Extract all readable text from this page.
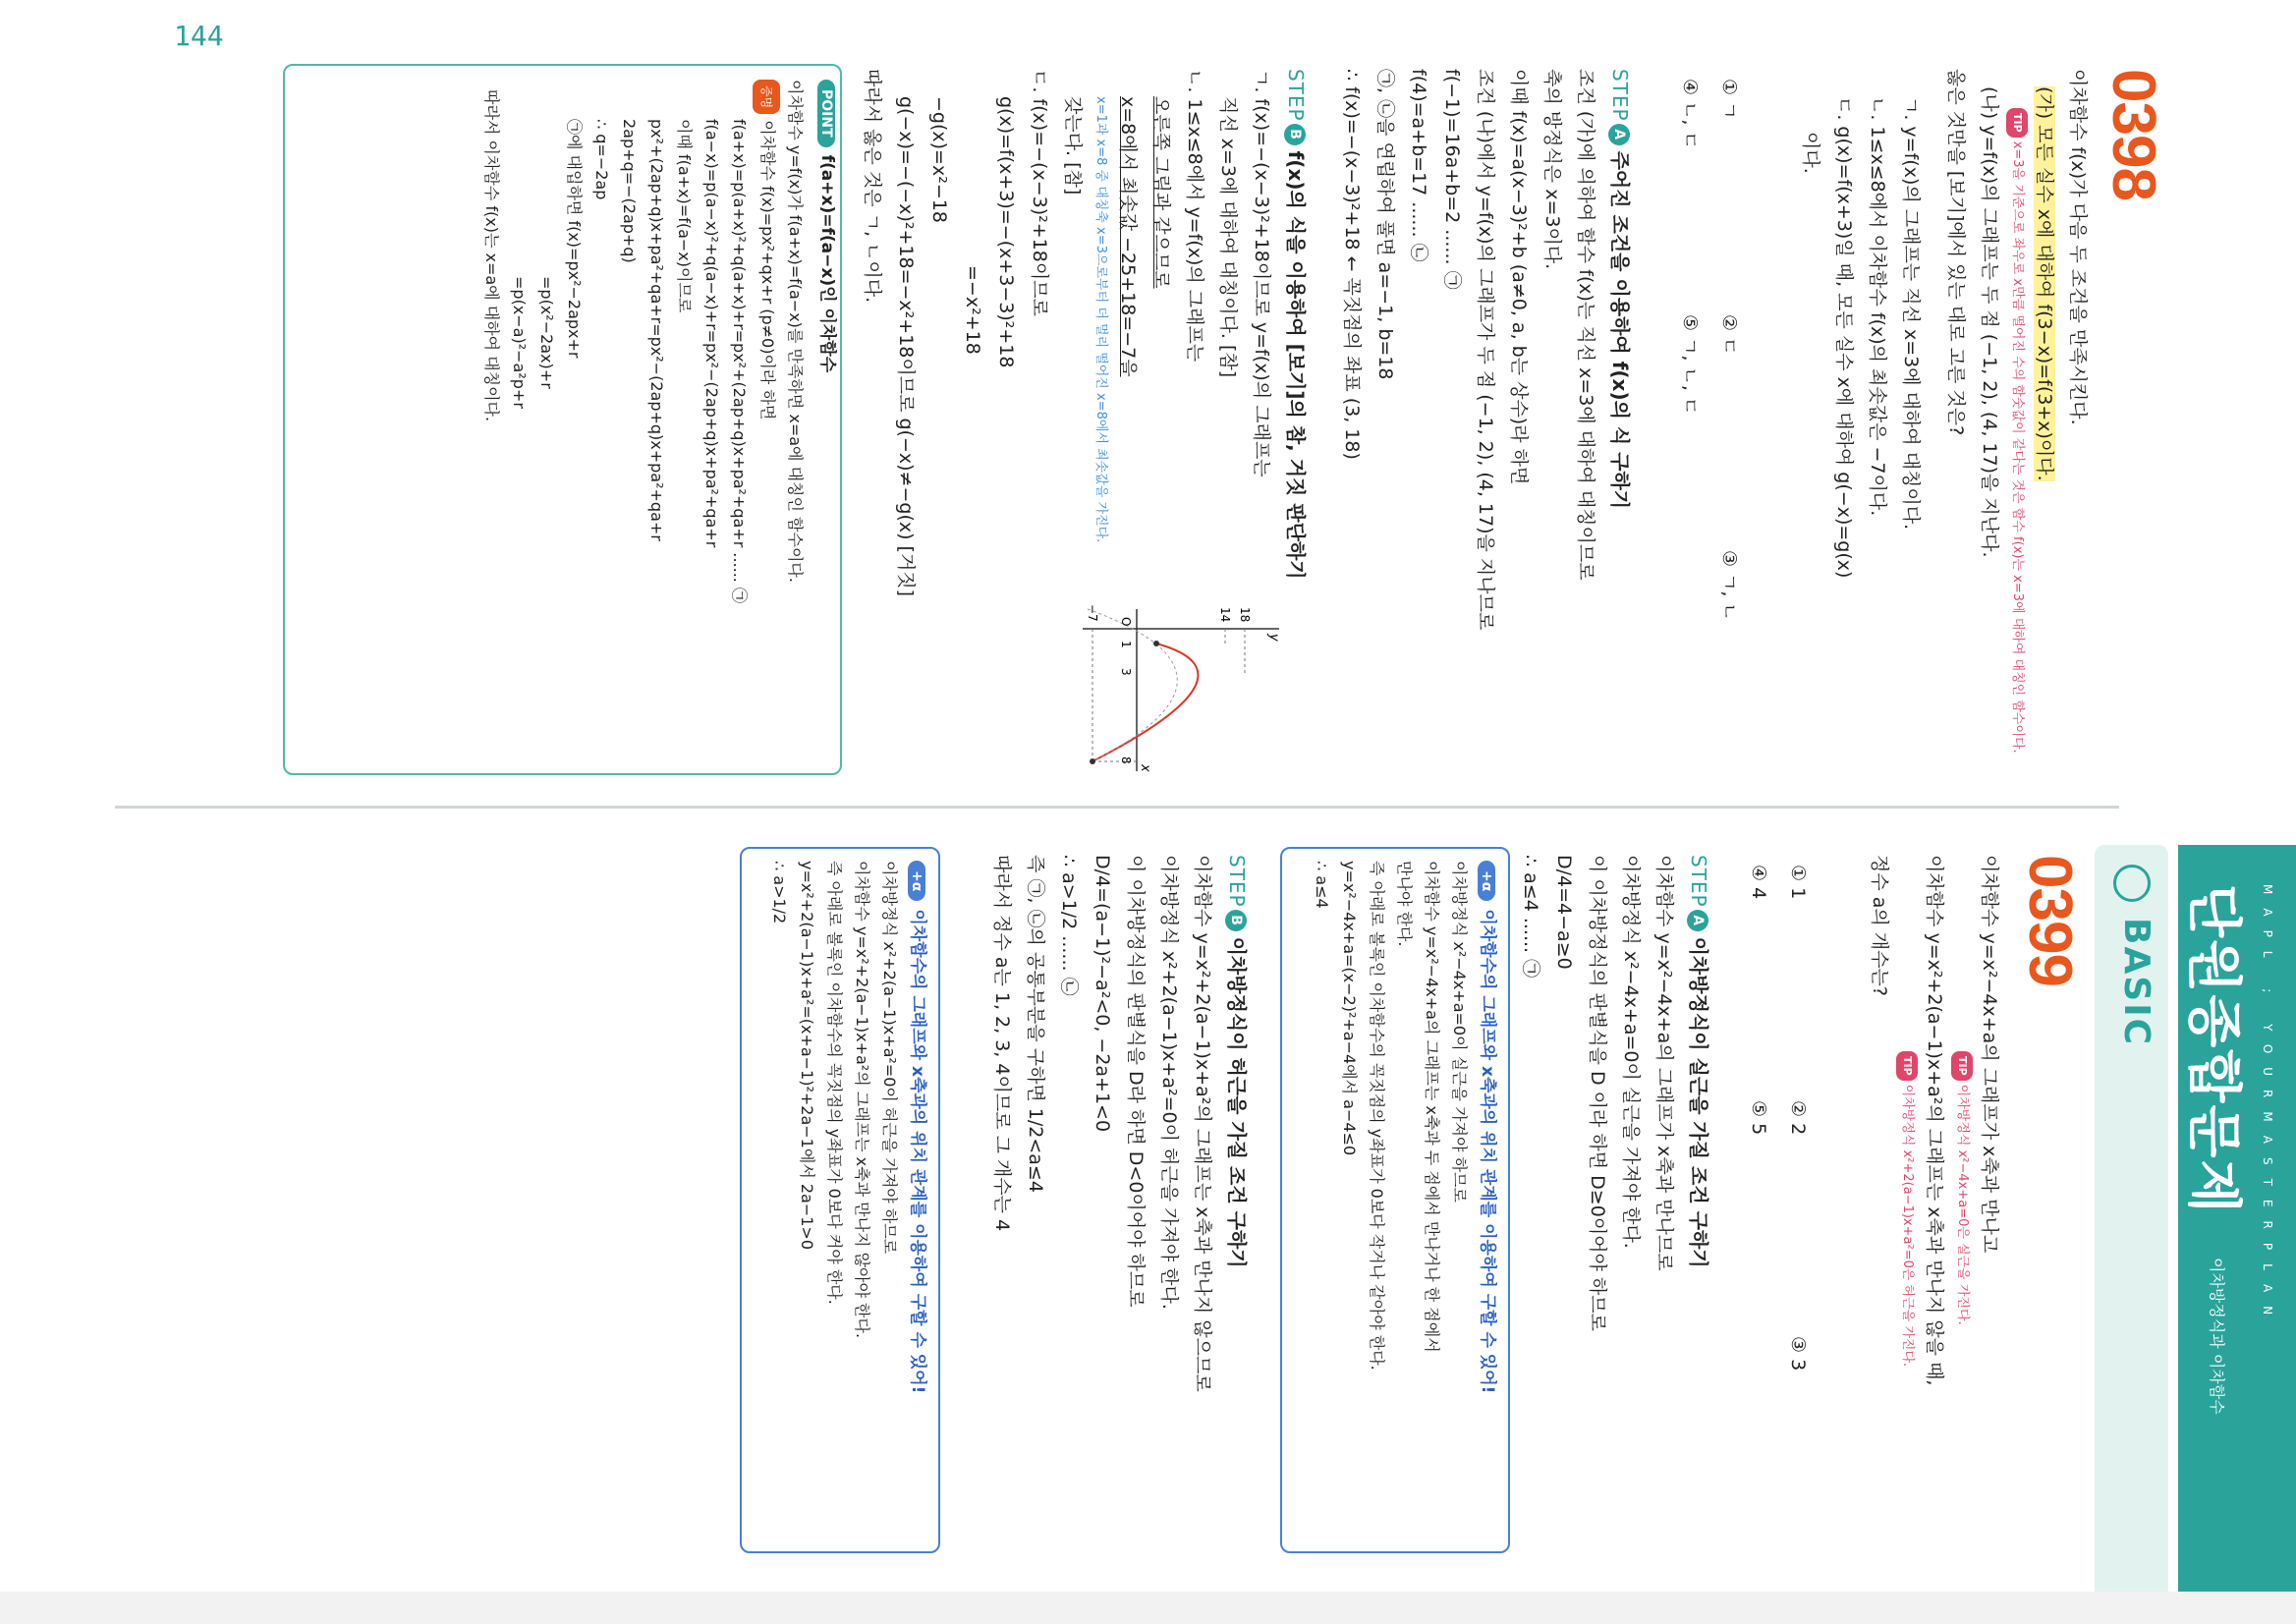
0398
이차함수 f(x)가 다음 두 조건을 만족시킨다.
(가) 모든 실수 x에 대하여 f(3−x)=f(3+x)이다.
TIPx=3을 기준으로 좌우로 x만큼 떨어진 수의 함숫값이 같다는 것은 함수 f(x)는 x=3에 대하여 대칭인 함수이다.
(나) y=f(x)의 그래프는 두 점 (−1, 2), (4, 17)을 지난다.
옳은 것만을 [보기]에서 있는 대로 고른 것은?
ㄱ. y=f(x)의 그래프는 직선 x=3에 대하여 대칭이다.
ㄴ. 1≤x≤8에서 이차함수 f(x)의 최솟값은 −7이다.
ㄷ. g(x)=f(x+3)일 때, 모든 실수 x에 대하여 g(−x)=g(x)
이다.
① ㄱ
② ㄷ
③ ㄱ, ㄴ
④ ㄴ, ㄷ
⑤ ㄱ, ㄴ, ㄷ
STEPA주어진 조건을 이용하여 f(x)의 식 구하기
조건 (가)에 의하여 함수 f(x)는 직선 x=3에 대하여 대칭이므로
축의 방정식은 x=3이다.
이때 f(x)=a(x−3)²+b (a≠0, a, b는 상수)라 하면
조건 (나)에서 y=f(x)의 그래프가 두 점 (−1, 2), (4, 17)을 지나므로
f(−1)=16a+b=2 ...... ㉠
f(4)=a+b=17 ...... ㉡
㉠, ㉡을 연립하여 풀면 a=−1, b=18
∴ f(x)=−(x−3)²+18 ← 꼭짓점의 좌표 (3, 18)
STEPBf(x)의 식을 이용하여 [보기]의 참, 거짓 판단하기
ㄱ. f(x)=−(x−3)²+18이므로 y=f(x)의 그래프는
직선 x=3에 대하여 대칭이다. [참]
ㄴ. 1≤x≤8에서 y=f(x)의 그래프는
오른쪽 그림과 같으므로
x=8에서 최솟값 −25+18=−7을
x=1과 x=8 중 대칭축 x=3으로부터 더 멀리 떨어진 x=8에서 최솟값을 가진다.
갖는다. [참]
ㄷ. f(x)=−(x−3)²+18이므로
g(x)=f(x+3)=−(x+3−3)²+18
=−x²+18
−g(x)=x²−18
g(−x)=−(−x)²+18=−x²+18이므로 g(−x)≠−g(x) [거짓]
따라서 옳은 것은 ㄱ, ㄴ이다.
y
x
18
14
O
1
3
8
−7
POINTf(a+x)=f(a−x)인 이차함수
이차함수 y=f(x)가 f(a+x)=f(a−x)를 만족하면 x=a에 대칭인 함수이다.
증명이차함수 f(x)=px²+qx+r (p≠0)이라 하면
f(a+x)=p(a+x)²+q(a+x)+r=px²+(2ap+q)x+pa²+qa+r ...... ㉠
f(a−x)=p(a−x)²+q(a−x)+r=px²−(2ap+q)x+pa²+qa+r
이때 f(a+x)=f(a−x)이므로
px²+(2ap+q)x+pa²+qa+r=px²−(2ap+q)x+pa²+qa+r
2ap+q=−(2ap+q)
∴ q=−2ap
㉠에 대입하면 f(x)=px²−2apx+r
=p(x²−2ax)+r
=p(x−a)²−a²p+r
따라서 이차함수 f(x)는 x=a에 대하여 대칭이다.
144
MAPL ; YOURMASTERPLAN
단원종합문제
이차방정식과 이차함수
BASIC
0399
이차함수 y=x²−4x+a의 그래프가 x축과 만나고
TIP이차방정식 x²−4x+a=0은 실근을 가진다.
이차함수 y=x²+2(a−1)x+a²의 그래프는 x축과 만나지 않을 때,
TIP이차방정식 x²+2(a−1)x+a²=0은 허근을 가진다.
정수 a의 개수는?
① 1
② 2
③ 3
④ 4
⑤ 5
STEPA이차방정식이 실근을 가질 조건 구하기
이차함수 y=x²−4x+a의 그래프가 x축과 만나므로
이차방정식 x²−4x+a=0이 실근을 가져야 한다.
이 이차방정식의 판별식을 D 이라 하면 D≥0이어야 하므로
D/4=4−a≥0
∴ a≤4 ...... ㉠
+α이차함수의 그래프와 x축과의 위치 관계를 이용하여 구할 수 있어!
이차방정식 x²−4x+a=0이 실근을 가져야 하므로
이차함수 y=x²−4x+a의 그래프는 x축과 두 점에서 만나거나 한 점에서
만나야 한다.
즉 아래로 볼록인 이차함수의 꼭짓점의 y좌표가 0보다 작거나 같아야 한다.
y=x²−4x+a=(x−2)²+a−4에서 a−4≤0
∴ a≤4
STEPB이차방정식이 허근을 가질 조건 구하기
이차함수 y=x²+2(a−1)x+a²의 그래프는 x축과 만나지 않으므로
이차방정식 x²+2(a−1)x+a²=0이 허근을 가져야 한다.
이 이차방정식의 판별식을 D라 하면 D<0이어야 하므로
D/4=(a−1)²−a²<0, −2a+1<0
∴ a>1/2 ...... ㉡
즉 ㉠, ㉡의 공통부분을 구하면 1/2<a≤4
따라서 정수 a는 1, 2, 3, 4이므로 그 개수는 4
+α이차함수의 그래프와 x축과의 위치 관계를 이용하여 구할 수 있어!
이차방정식 x²+2(a−1)x+a²=0이 허근을 가져야 하므로
이차함수 y=x²+2(a−1)x+a²의 그래프는 x축과 만나지 않아야 한다.
즉 아래로 볼록인 이차함수의 꼭짓점의 y좌표가 0보다 커야 한다.
y=x²+2(a−1)x+a²=(x+a−1)²+2a−1에서 2a−1>0
∴ a>1/2
